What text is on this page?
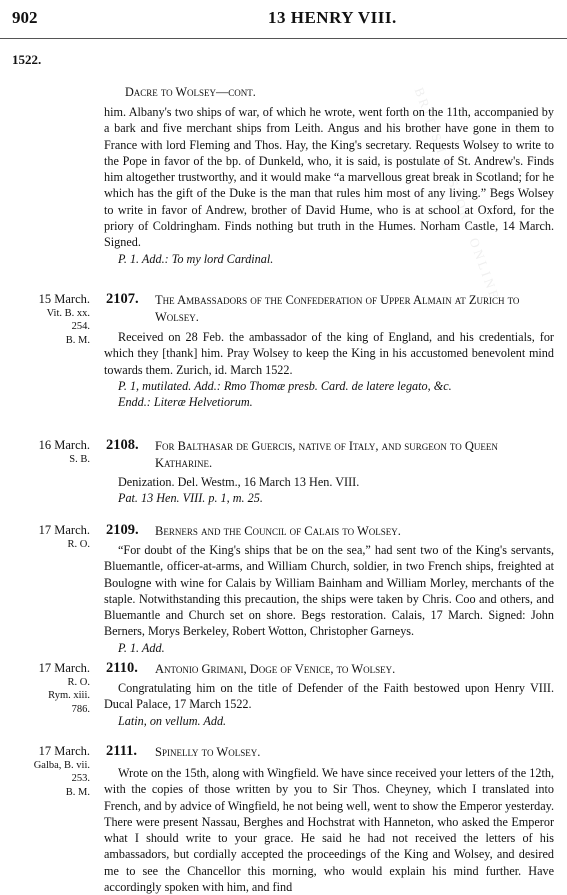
BRITISH HISTORY ONLINE
902	13 HENRY VIII.
1522.
Dacre to Wolsey—cont.

him. Albany's two ships of war, of which he wrote, went forth on the 11th, accompanied by a bark and five merchant ships from Leith. Angus and his brother have gone in them to France with lord Fleming and Thos. Hay, the King's secretary. Requests Wolsey to write to the Pope in favor of the bp. of Dunkeld, who, it is said, is postulate of St. Andrew's. Finds him altogether trustworthy, and it would make “a marvellous great break in Scotland; for he which has the gift of the Duke is the man that rules him most of any living.” Begs Wolsey to write in favor of Andrew, brother of David Hume, who is at school at Oxford, for the priory of Coldringham. Finds nothing but truth in the Humes. Norham Castle, 14 March. Signed.

P. 1. Add.: To my lord Cardinal.

15 March.
Vit. B. xx.
254.
B. M.
2107. The Ambassadors of the Confederation of Upper Almain at Zurich to Wolsey.

Received on 28 Feb. the ambassador of the king of England, and his credentials, for which they [thank] him. Pray Wolsey to keep the King in his accustomed benevolent mind towards them. Zurich, id. March 1522.

P. 1, mutilated. Add.: Rmo Thomæ presb. Card. de latere legato, &c.

Endd.: Literæ Helvetiorum.

16 March.
S. B.
2108. For Balthasar de Guercis, native of Italy, and surgeon to Queen Katharine.

Denization. Del. Westm., 16 March 13 Hen. VIII.

Pat. 13 Hen. VIII. p. 1, m. 25.

17 March.
R. O.
2109. Berners and the Council of Calais to Wolsey.

“For doubt of the King's ships that be on the sea,” had sent two of the King's servants, Bluemantle, officer-at-arms, and William Church, soldier, in two French ships, freighted at Boulogne with wine for Calais by William Bainham and William Morley, merchants of the staple. Notwithstanding this precaution, the ships were taken by Chris. Coo and others, and Bluemantle and Church set on shore. Begs restoration. Calais, 17 March. Signed: John Berners, Morys Berkeley, Robert Wotton, Christopher Garneys.

P. 1. Add.

17 March.
R. O.
Rym. xiii.
786.
2110. Antonio Grimani, Doge of Venice, to Wolsey.

Congratulating him on the title of Defender of the Faith bestowed upon Henry VIII. Ducal Palace, 17 March 1522.

Latin, on vellum. Add.

17 March.
Galba, B. vii.
253.
B. M.
2111. Spinelly to Wolsey.

Wrote on the 15th, along with Wingfield. We have since received your letters of the 12th, with the copies of those written by you to Sir Thos. Cheyney, which I translated into French, and by advice of Wingfield, he not being well, went to show the Emperor yesterday. There were present Nassau, Berghes and Hochstrat with Hanneton, who asked the Emperor what I should write to your grace. He said he had not received the letters of his ambassadors, but cordially accepted the proceedings of the King and Wolsey, and desired me to see the Chancellor this morning, who would explain his mind further. Have accordingly spoken with him, and find
